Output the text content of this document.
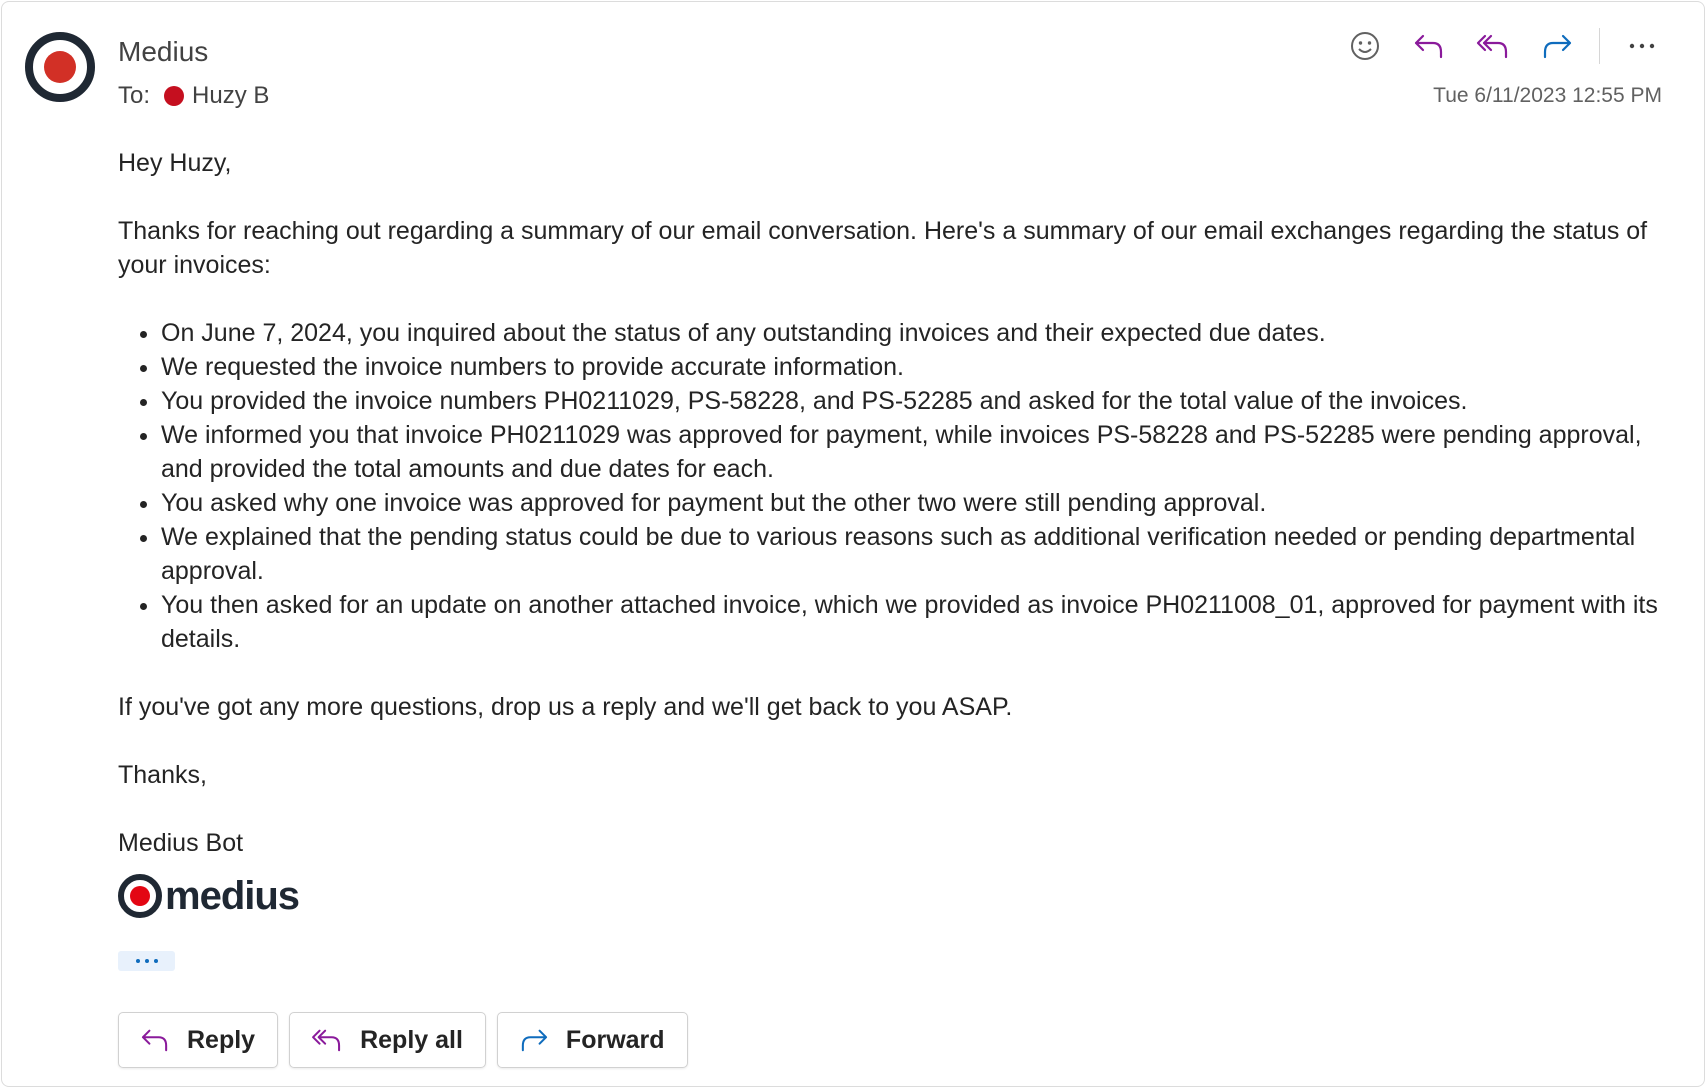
Medius
To: Huzy B	Tue 6/11/2023 12:55 PM

Hey Huzy,

Thanks for reaching out regarding a summary of our email conversation. Here's a summary of our email exchanges regarding the status of your invoices:

• On June 7, 2024, you inquired about the status of any outstanding invoices and their expected due dates.
• We requested the invoice numbers to provide accurate information.
• You provided the invoice numbers PH0211029, PS-58228, and PS-52285 and asked for the total value of the invoices.
• We informed you that invoice PH0211029 was approved for payment, while invoices PS-58228 and PS-52285 were pending approval, and provided the total amounts and due dates for each.
• You asked why one invoice was approved for payment but the other two were still pending approval.
• We explained that the pending status could be due to various reasons such as additional verification needed or pending departmental approval.
• You then asked for an update on another attached invoice, which we provided as invoice PH0211008_01, approved for payment with its details.

If you've got any more questions, drop us a reply and we'll get back to you ASAP.

Thanks,

Medius Bot

medius
Reply	Reply all	Forward
